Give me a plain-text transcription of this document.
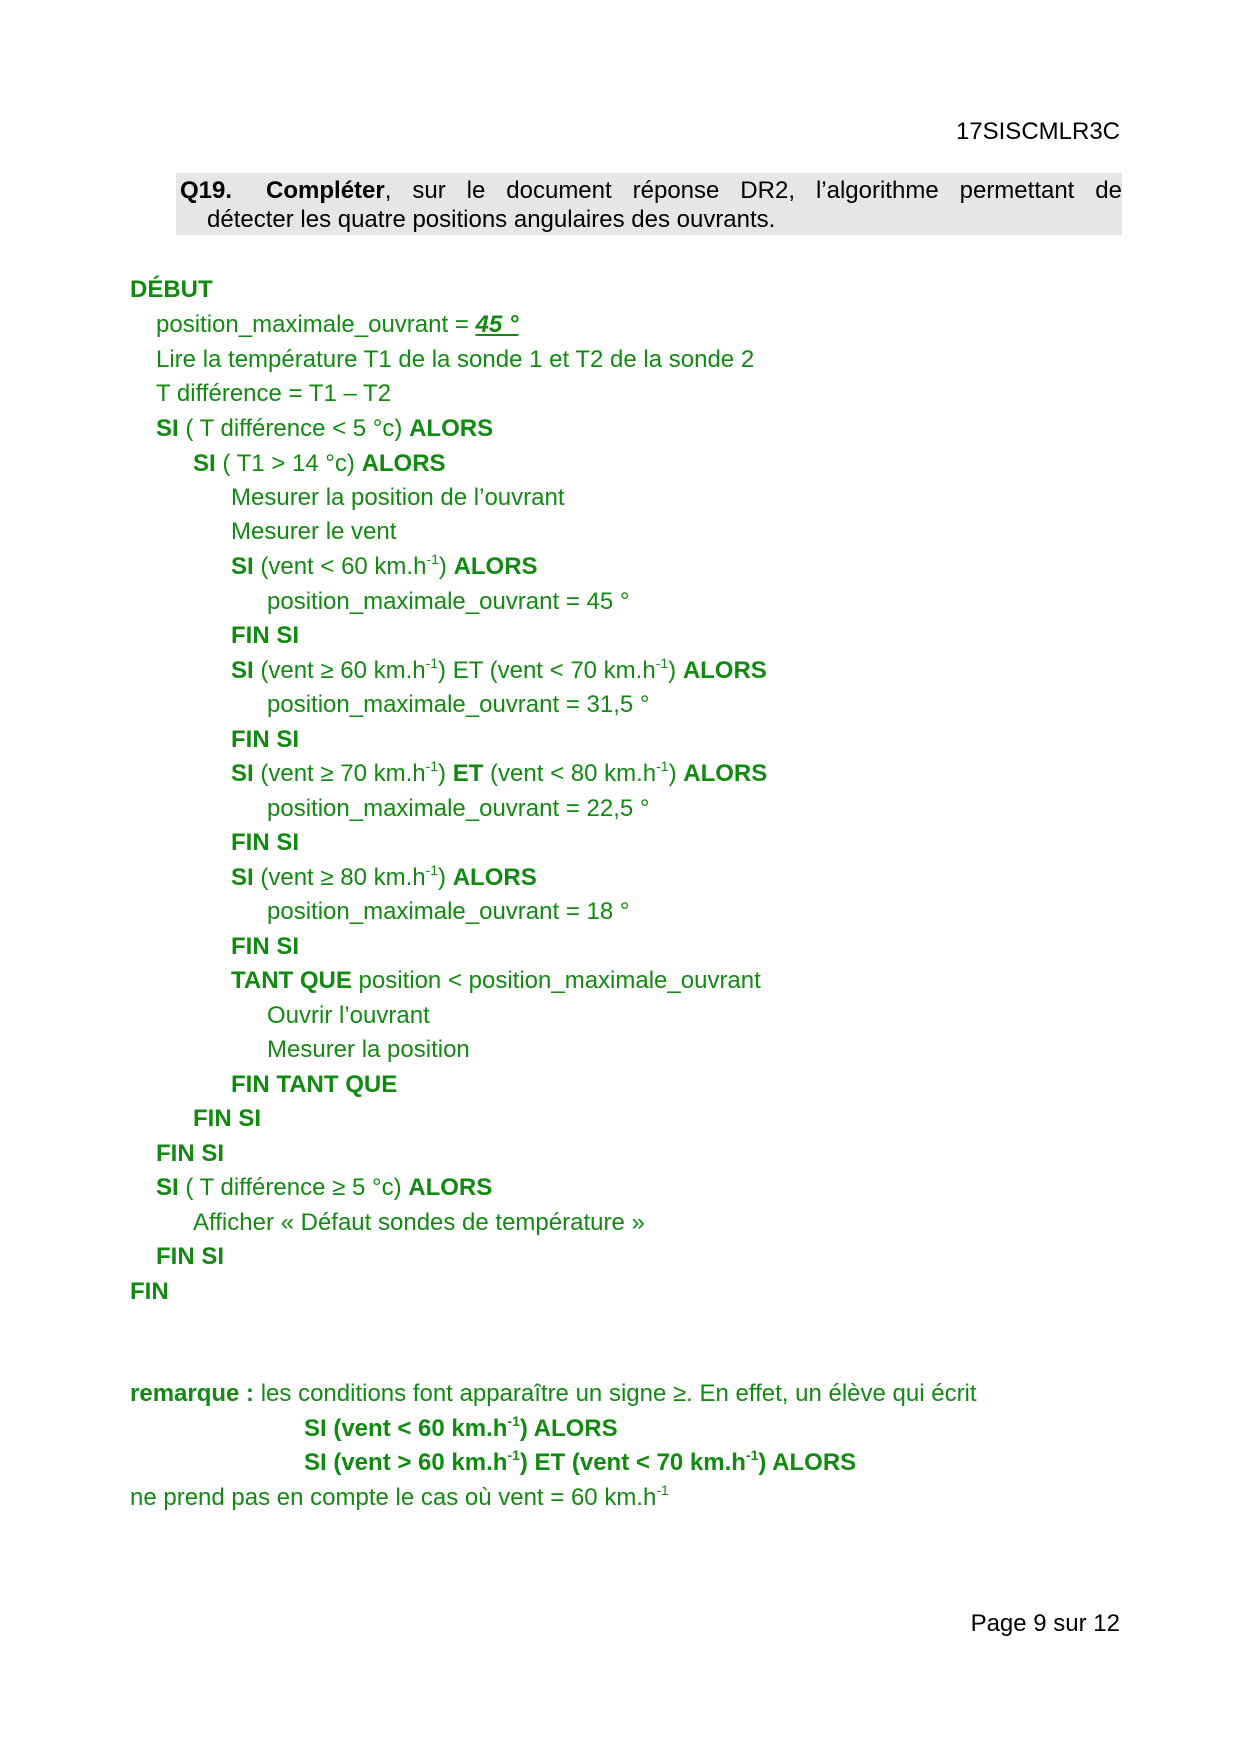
17SISCMLR3C
Q19. Compléter, sur le document réponse DR2, l’algorithme permettant de
détecter les quatre positions angulaires des ouvrants.
DÉBUT
position_maximale_ouvrant = 45 °
Lire la température T1 de la sonde 1 et T2 de la sonde 2
T différence = T1 – T2
SI ( T différence < 5 °c) ALORS
SI ( T1 > 14 °c) ALORS
Mesurer la position de l’ouvrant
Mesurer le vent
SI (vent < 60 $km.h^{-1}$) ALORS
position_maximale_ouvrant = 45 °
FIN SI
SI (vent ≥ 60 $km.h^{-1}$) ET (vent < 70 $km.h^{-1}$) ALORS
position_maximale_ouvrant = 31,5 °
FIN SI
SI (vent ≥ 70 $km.h^{-1}$) ET (vent < 80 $km.h^{-1}$) ALORS
position_maximale_ouvrant = 22,5 °
FIN SI
SI (vent ≥ 80 $km.h^{-1}$) ALORS
position_maximale_ouvrant = 18 °
FIN SI
TANT QUE position < position_maximale_ouvrant
Ouvrir l’ouvrant
Mesurer la position
FIN TANT QUE
FIN SI
FIN SI
SI ( T différence ≥ 5 °c) ALORS
Afficher « Défaut sondes de température »
FIN SI
FIN
remarque : les conditions font apparaître un signe ≥. En effet, un élève qui écrit
SI (vent < 60 $km.h^{-1}$) ALORS
SI (vent > 60 $km.h^{-1}$) ET (vent < 70 $km.h^{-1}$) ALORS
ne prend pas en compte le cas où vent = 60 $km.h^{-1}$
Page 9 sur 12
